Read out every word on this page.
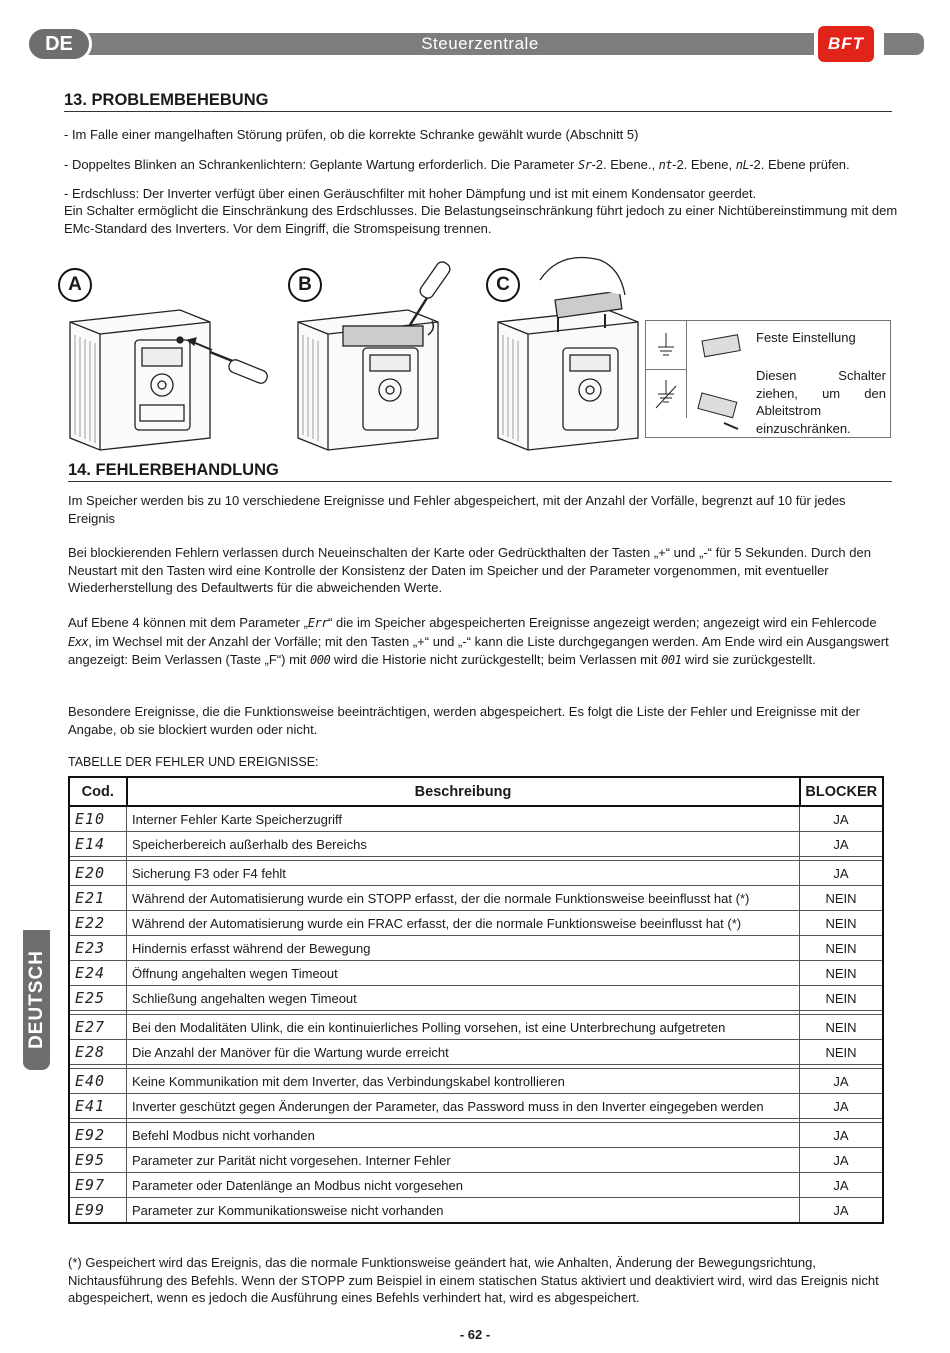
Steuerzentrale
DE	BFT
DEUTSCH
13. PROBLEMBEHEBUNG
- Im Falle einer mangelhaften Störung prüfen, ob die korrekte Schranke gewählt wurde (Abschnitt 5)
- Doppeltes Blinken an Schrankenlichtern: Geplante Wartung erforderlich. Die Parameter Sr-2. Ebene., nt-2. Ebene, nL-2. Ebene prüfen.
- Erdschluss: Der Inverter verfügt über einen Geräuschfilter mit hoher Dämpfung und ist mit einem Kondensator geerdet.
Ein Schalter ermöglicht die Einschränkung des Erdschlusses. Die Belastungseinschränkung führt jedoch zu einer Nichtübereinstimmung mit dem EMc-Standard des Inverters. Vor dem Eingriff, die Stromspeisung trennen.
A	B	C
Feste Einstellung
Diesen Schalter ziehen, um den Ableitstrom einzuschränken.
14. FEHLERBEHANDLUNG
Im Speicher werden bis zu 10 verschiedene Ereignisse und Fehler abgespeichert, mit der Anzahl der Vorfälle, begrenzt auf 10 für jedes Ereignis
Bei blockierenden Fehlern verlassen durch Neueinschalten der Karte oder Gedrückthalten der Tasten „+“ und „-“ für 5 Sekunden. Durch den Neustart mit den Tasten wird eine Kontrolle der Konsistenz der Daten im Speicher und der Parameter vorgenommen, mit eventueller Wiederherstellung des Defaultwerts für die abweichenden Werte.
Auf Ebene 4 können mit dem Parameter „Err“ die im Speicher abgespeicherten Ereignisse angezeigt werden; angezeigt wird ein Fehlercode Exx, im Wechsel mit der Anzahl der Vorfälle; mit den Tasten „+“ und „-“ kann die Liste durchgegangen werden. Am Ende wird ein Ausgangswert angezeigt: Beim Verlassen (Taste „F“) mit 000 wird die Historie nicht zurückgestellt; beim Verlassen mit 001 wird sie zurückgestellt.
Besondere Ereignisse, die die Funktionsweise beeinträchtigen, werden abgespeichert. Es folgt die Liste der Fehler und Ereignisse mit der Angabe, ob sie blockiert wurden oder nicht.
TABELLE DER FEHLER UND EREIGNISSE:
Cod.	Beschreibung	BLOCKER
E10	Interner Fehler Karte Speicherzugriff	JA
E14	Speicherbereich außerhalb des Bereichs	JA

E20	Sicherung F3 oder F4 fehlt	JA
E21	Während der Automatisierung wurde ein STOPP erfasst, der die normale Funktionsweise beeinflusst hat (*)	NEIN
E22	Während der Automatisierung wurde ein FRAC erfasst, der die normale Funktionsweise beeinflusst hat (*)	NEIN
E23	Hindernis erfasst während der Bewegung	NEIN
E24	Öffnung angehalten wegen Timeout	NEIN
E25	Schließung angehalten wegen Timeout	NEIN

E27	Bei den Modalitäten Ulink, die ein kontinuierliches Polling vorsehen, ist eine Unterbrechung aufgetreten	NEIN
E28	Die Anzahl der Manöver für die Wartung wurde erreicht	NEIN

E40	Keine Kommunikation mit dem Inverter, das Verbindungskabel kontrollieren	JA
E41	Inverter geschützt gegen Änderungen der Parameter, das Password muss in den Inverter eingegeben werden	JA

E92	Befehl Modbus nicht vorhanden	JA
E95	Parameter zur Parität nicht vorgesehen. Interner Fehler	JA
E97	Parameter oder Datenlänge an Modbus nicht vorgesehen	JA
E99	Parameter zur Kommunikationsweise nicht vorhanden	JA
(*) Gespeichert wird das Ereignis, das die normale Funktionsweise geändert hat, wie Anhalten, Änderung der Bewegungsrichtung, Nichtausführung des Befehls. Wenn der STOPP zum Beispiel in einem statischen Status aktiviert und deaktiviert wird, wird das Ereignis nicht abgespeichert, wenn es jedoch die Ausführung eines Befehls verhindert hat, wird es abgespeichert.
- 62 -
